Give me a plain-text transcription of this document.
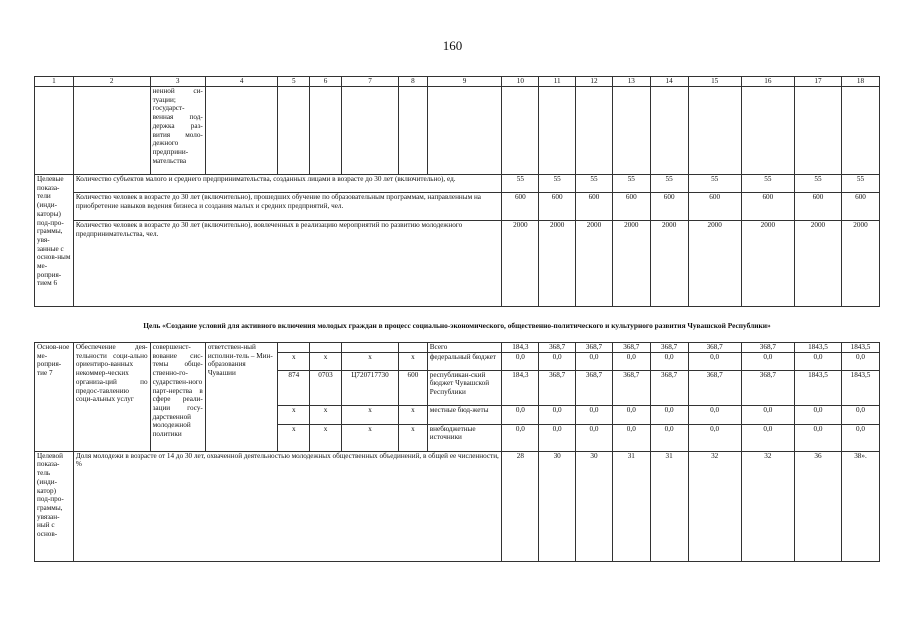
160
1	2	3	4	5	6	7	8	9	10	11	12	13	14	15	16	17	18
		ненной си-туации; государст-венная под-держка раз-вития моло-дежного предприни-мательства															
Целевые показа-тели (инди-каторы) под-про-граммы, увя-занные с основ-ным ме-роприя-тием 6	Количество субъектов малого и среднего предпринимательства, созданных лицами в возрасте до 30 лет (включительно), ед.								55	55	55	55	55	55	55	55	55
	Количество человек в возрасте до 30 лет (включительно), прошедших обучение по образовательным программам, направленным на приобретение навыков ведения бизнеса и создания малых и средних предприятий, чел.								600	600	600	600	600	600	600	600	600
	Количество человек в возрасте до 30 лет (включительно), вовлеченных в реализацию мероприятий по развитию молодежного предпринимательства, чел.								2000	2000	2000	2000	2000	2000	2000	2000	2000
Цель «Создание условий для активного включения молодых граждан в процесс социально-экономического, общественно-политического и культурного развития Чувашской Республики»
Основ-ное ме-роприя-тие 7	Обеспечение дея-тельности соци-ально ориентиро-ванных некоммер-ческих организа-ций по предос-тавлению соци-альных услуг	совершенст-вование сис-темы обще-ственно-го-сударствен-ного парт-нерства в сфере реали-зации госу-дарственной молодежной политики	ответствен-ный исполни-тель – Мин-образования Чувашии					Всего	184,3	368,7	368,7	368,7	368,7	368,7	368,7	1843,5	1843,5
				x	x	x	x	федеральный бюджет	0,0	0,0	0,0	0,0	0,0	0,0	0,0	0,0	0,0
				874	0703	Ц720717730	600	республикан-ский бюджет Чувашской Республики	184,3	368,7	368,7	368,7	368,7	368,7	368,7	1843,5	1843,5
				x	x	x	x	местные бюд-жеты	0,0	0,0	0,0	0,0	0,0	0,0	0,0	0,0	0,0
				x	x	x	x	внебюджетные источники	0,0	0,0	0,0	0,0	0,0	0,0	0,0	0,0	0,0
Целевой показа-тель (инди-катор) под-про-граммы, увязан-ный с основ-	Доля молодежи в возрасте от 14 до 30 лет, охваченной деятельностью молодежных общественных объединений, в общей ее численности, %								28	30	30	31	31	32	32	36	38».
